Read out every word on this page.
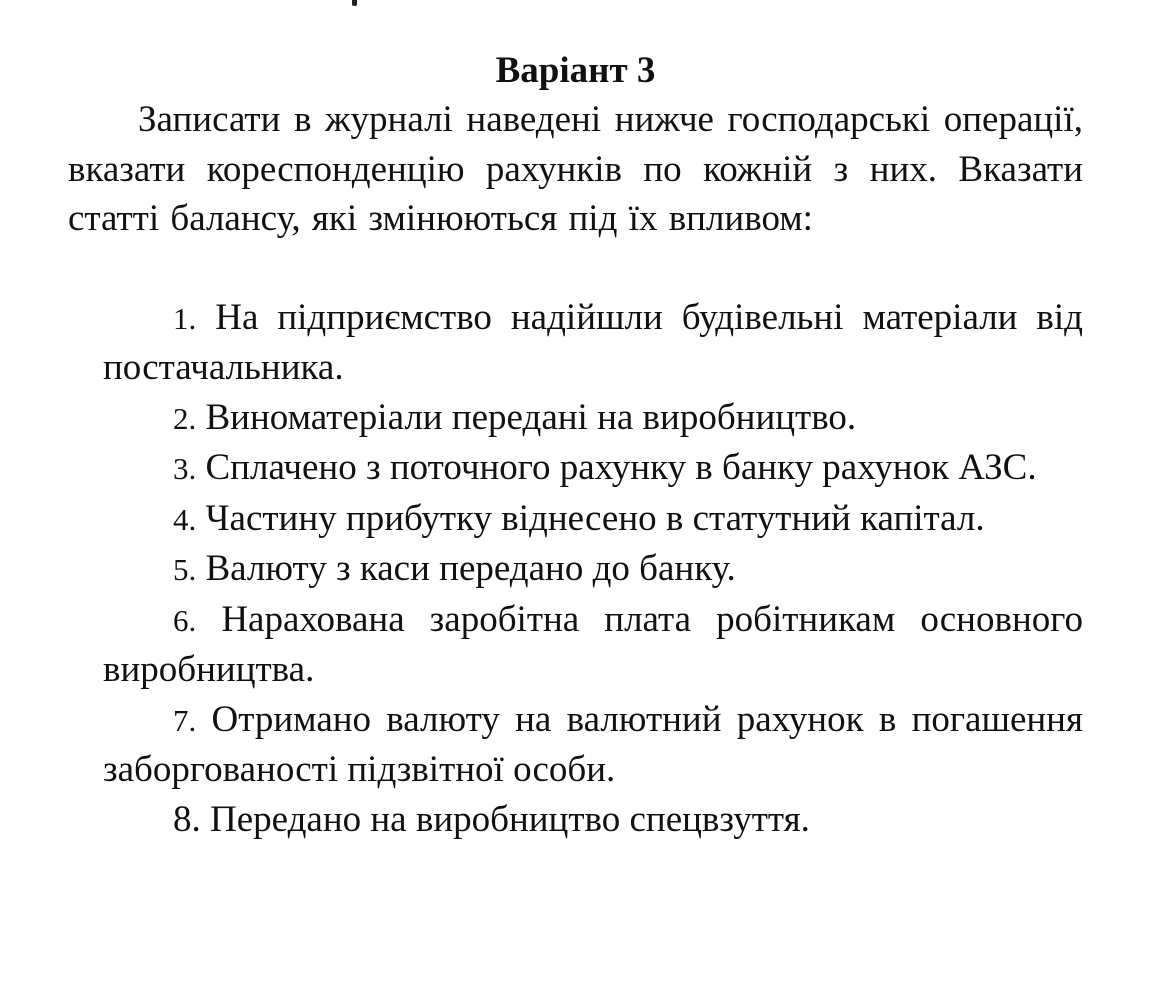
Варіант 3

Записати в журналі наведені нижче господарські операції, вказати кореспонденцію рахунків по кожній з них. Вказати статті балансу, які змінюються під їх впливом:

1. На підприємство надійшли будівельні матеріали від постачальника.
2. Виноматеріали передані на виробництво.
3. Сплачено з поточного рахунку в банку рахунок АЗС.
4. Частину прибутку віднесено в статутний капітал.
5. Валюту з каси передано до банку.
6. Нарахована заробітна плата робітникам основного виробництва.
7. Отримано валюту на валютний рахунок в погашення заборгованості підзвітної особи.
8. Передано на виробництво спецвзуття.
